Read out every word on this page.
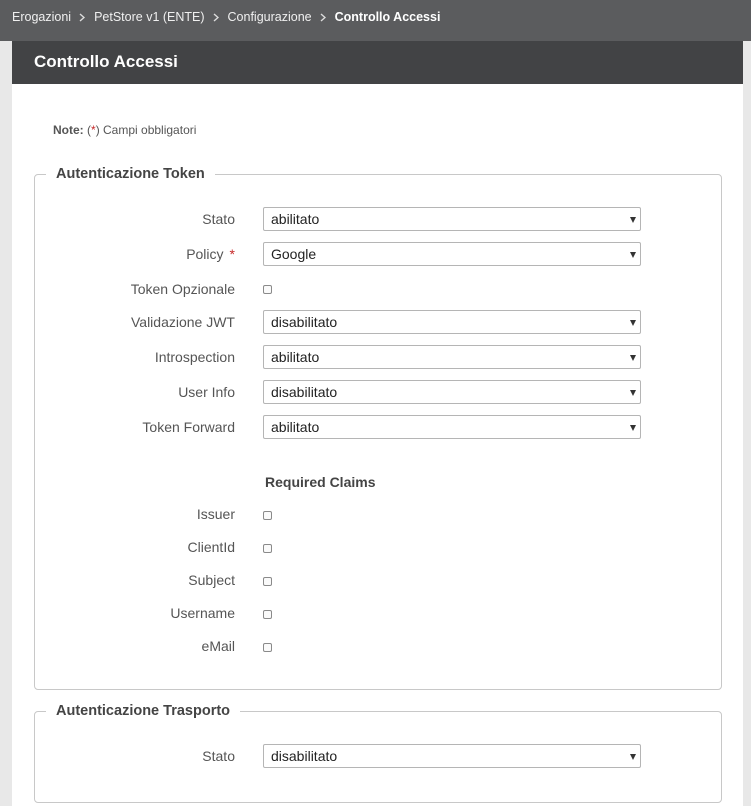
Erogazioni PetStore v1 (ENTE) Configurazione Controllo Accessi
Controllo Accessi
Note: (*) Campi obbligatori
Autenticazione Token
Stato	abilitato
Policy *	Google
Token Opzionale
Validazione JWT	disabilitato
Introspection	abilitato
User Info	disabilitato
Token Forward	abilitato
Required Claims
Issuer
ClientId
Subject
Username
eMail
Autenticazione Trasporto
Stato	disabilitato
